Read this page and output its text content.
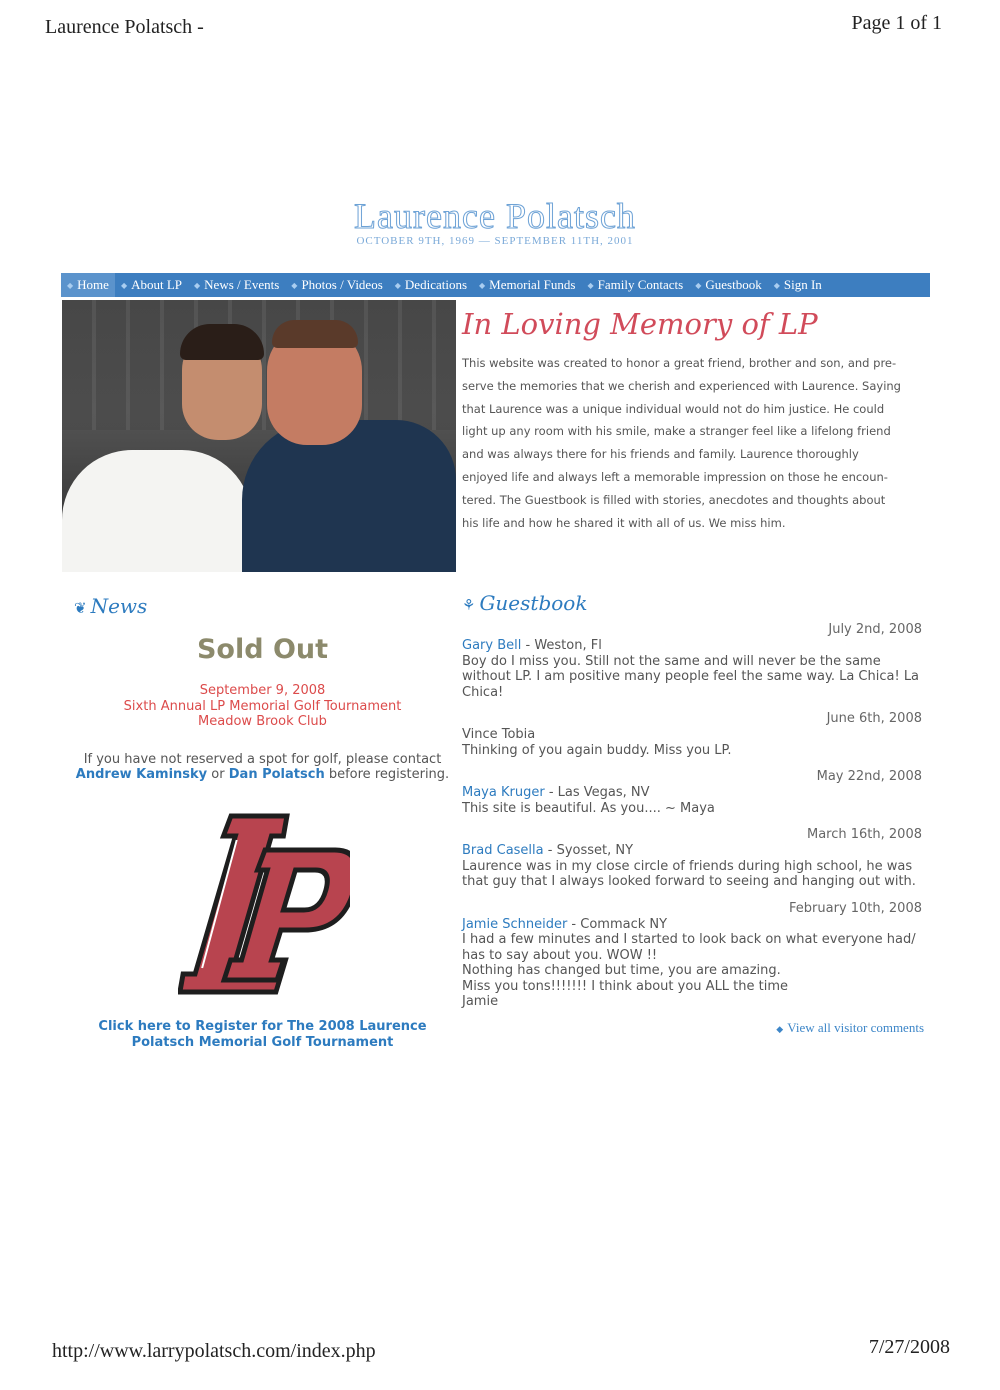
Laurence Polatsch -	Page 1 of 1
http://www.larrypolatsch.com/index.php	7/27/2008
Laurence Polatsch
OCTOBER 9TH, 1969 — SEPTEMBER 11TH, 2001
◆ Home ◆ About LP ◆ News / Events ◆ Photos / Videos ◆ Dedications ◆ Memorial Funds ◆ Family Contacts ◆ Guestbook ◆ Sign In
In Loving Memory of LP
This website was created to honor a great friend, brother and son, and pre-
serve the memories that we cherish and experienced with Laurence. Saying
that Laurence was a unique individual would not do him justice. He could
light up any room with his smile, make a stranger feel like a lifelong friend
and was always there for his friends and family. Laurence thoroughly
enjoyed life and always left a memorable impression on those he encoun-
tered. The Guestbook is filled with stories, anecdotes and thoughts about
his life and how he shared it with all of us. We miss him.
❦ News
Sold Out
September 9, 2008
Sixth Annual LP Memorial Golf Tournament
Meadow Brook Club
If you have not reserved a spot for golf, please contact
Andrew Kaminsky or Dan Polatsch before registering.
Click here to Register for The 2008 Laurence
Polatsch Memorial Golf Tournament
⚘ Guestbook
July 2nd, 2008
Gary Bell - Weston, Fl
Boy do I miss you. Still not the same and will never be the same
without LP. I am positive many people feel the same way. La Chica! La
Chica!
June 6th, 2008
Vince Tobia
Thinking of you again buddy. Miss you LP.
May 22nd, 2008
Maya Kruger - Las Vegas, NV
This site is beautiful. As you.... ~ Maya
March 16th, 2008
Brad Casella - Syosset, NY
Laurence was in my close circle of friends during high school, he was
that guy that I always looked forward to seeing and hanging out with.
February 10th, 2008
Jamie Schneider - Commack NY
I had a few minutes and I started to look back on what everyone had/
has to say about you. WOW !!
Nothing has changed but time, you are amazing.
Miss you tons!!!!!!! I think about you ALL the time
Jamie
◆ View all visitor comments
